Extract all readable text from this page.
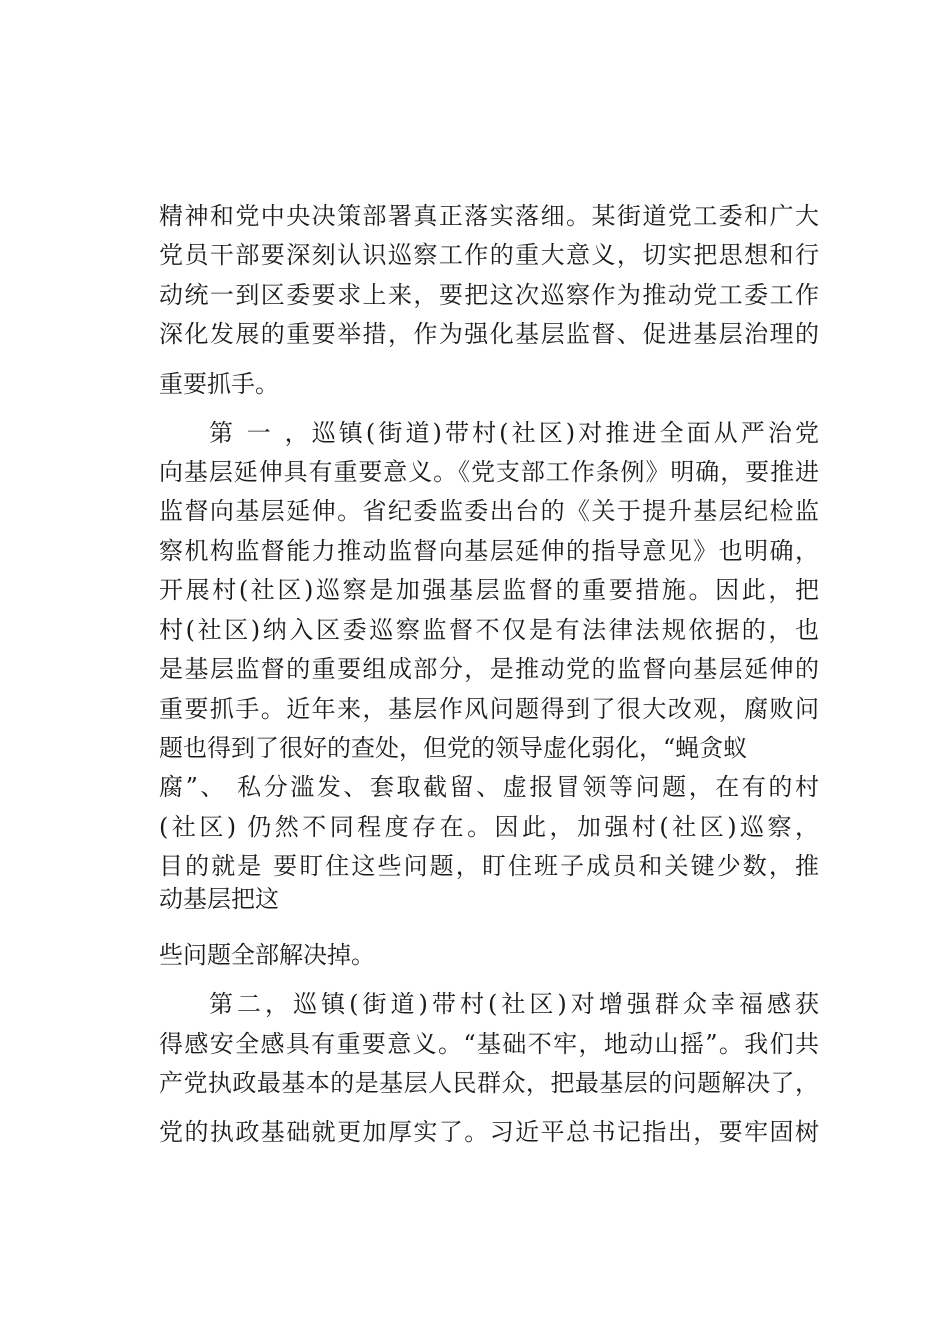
精神和党中央决策部署真正落实落细。某街道党工委和广大

党员干部要深刻认识巡察工作的重大意义，切实把思想和行

动统一到区委要求上来，要把这次巡察作为推动党工委工作

深化发展的重要举措，作为强化基层监督、促进基层治理的

重要抓手。

第 一 ，巡镇(街道)带村(社区)对推进全面从严治党

向基层延伸具有重要意义。《党支部工作条例》明确，要推进

监督向基层延伸。省纪委监委出台的《关于提升基层纪检监

察机构监督能力推动监督向基层延伸的指导意见》也明确，

开展村(社区)巡察是加强基层监督的重要措施。因此，把

村(社区)纳入区委巡察监督不仅是有法律法规依据的，也

是基层监督的重要组成部分，是推动党的监督向基层延伸的

重要抓手。近年来，基层作风问题得到了很大改观，腐败问

题也得到了很好的查处，但党的领导虚化弱化，“蝇贪蚁

腐”、 私分滥发、套取截留、虚报冒领等问题，在有的村

(社区) 仍然不同程度存在。因此，加强村(社区)巡察，

目的就是 要盯住这些问题，盯住班子成员和关键少数，推

动基层把这

些问题全部解决掉。

第二，巡镇(街道)带村(社区)对增强群众幸福感获

得感安全感具有重要意义。“基础不牢，地动山摇”。我们共

产党执政最基本的是基层人民群众，把最基层的问题解决了，

党的执政基础就更加厚实了。习近平总书记指出，要牢固树
